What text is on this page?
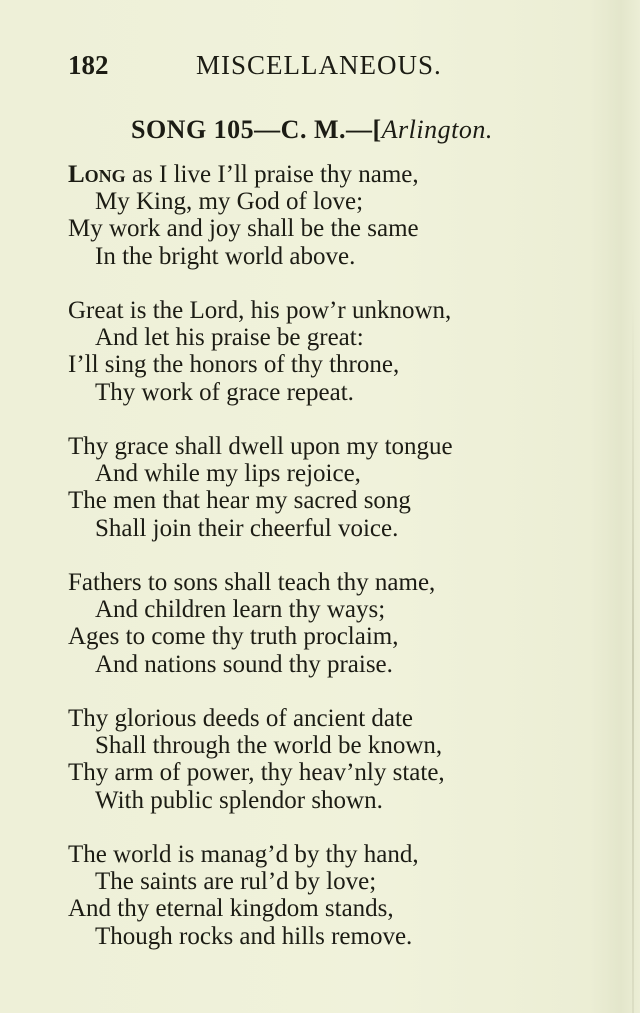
182	MISCELLANEOUS.
SONG 105—C. M.—[Arlington.
Long as I live I’ll praise thy name,
My King, my God of love;
My work and joy shall be the same
In the bright world above.
Great is the Lord, his pow’r unknown,
And let his praise be great:
I’ll sing the honors of thy throne,
Thy work of grace repeat.
Thy grace shall dwell upon my tongue
And while my lips rejoice,
The men that hear my sacred song
Shall join their cheerful voice.
Fathers to sons shall teach thy name,
And children learn thy ways;
Ages to come thy truth proclaim,
And nations sound thy praise.
Thy glorious deeds of ancient date
Shall through the world be known,
Thy arm of power, thy heav’nly state,
With public splendor shown.
The world is manag’d by thy hand,
The saints are rul’d by love;
And thy eternal kingdom stands,
Though rocks and hills remove.
